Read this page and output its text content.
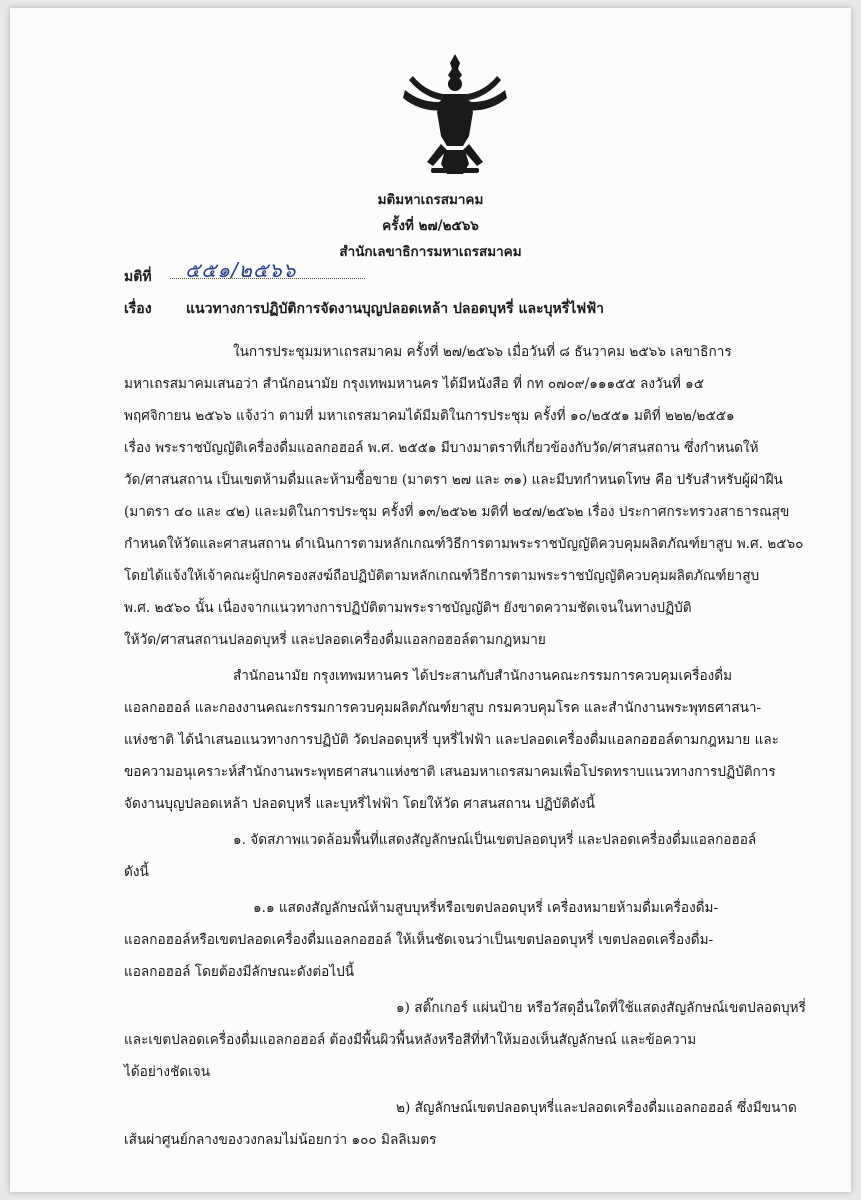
มติมหาเถรสมาคม
ครั้งที่ ๒๗/๒๕๖๖
สำนักเลขาธิการมหาเถรสมาคม
มติที่ ๕๕๑/๒๕๖๖
เรื่อง แนวทางการปฏิบัติการจัดงานบุญปลอดเหล้า ปลอดบุหรี่ และบุหรี่ไฟฟ้า
ในการประชุมมหาเถรสมาคม ครั้งที่ ๒๗/๒๕๖๖ เมื่อวันที่ ๘ ธันวาคม ๒๕๖๖ เลขาธิการ
มหาเถรสมาคมเสนอว่า สำนักอนามัย กรุงเทพมหานคร ได้มีหนังสือ ที่ กท ๐๗๐๙/๑๑๑๕๕ ลงวันที่ ๑๕
พฤศจิกายน ๒๕๖๖ แจ้งว่า ตามที่ มหาเถรสมาคมได้มีมติในการประชุม ครั้งที่ ๑๐/๒๕๕๑ มติที่ ๒๒๒/๒๕๕๑
เรื่อง พระราชบัญญัติเครื่องดื่มแอลกอฮอล์ พ.ศ. ๒๕๕๑ มีบางมาตราที่เกี่ยวข้องกับวัด/ศาสนสถาน ซึ่งกำหนดให้
วัด/ศาสนสถาน เป็นเขตห้ามดื่มและห้ามซื้อขาย (มาตรา ๒๗ และ ๓๑) และมีบทกำหนดโทษ คือ ปรับสำหรับผู้ฝ่าฝืน
(มาตรา ๔๐ และ ๔๒) และมติในการประชุม ครั้งที่ ๑๓/๒๕๖๒ มติที่ ๒๔๗/๒๕๖๒ เรื่อง ประกาศกระทรวงสาธารณสุข
กำหนดให้วัดและศาสนสถาน ดำเนินการตามหลักเกณฑ์วิธีการตามพระราชบัญญัติควบคุมผลิตภัณฑ์ยาสูบ พ.ศ. ๒๕๖๐
โดยได้แจ้งให้เจ้าคณะผู้ปกครองสงฆ์ถือปฏิบัติตามหลักเกณฑ์วิธีการตามพระราชบัญญัติควบคุมผลิตภัณฑ์ยาสูบ
พ.ศ. ๒๕๖๐ นั้น เนื่องจากแนวทางการปฏิบัติตามพระราชบัญญัติฯ ยังขาดความชัดเจนในทางปฏิบัติ
ให้วัด/ศาสนสถานปลอดบุหรี่ และปลอดเครื่องดื่มแอลกอฮอล์ตามกฎหมาย
สำนักอนามัย กรุงเทพมหานคร ได้ประสานกับสำนักงานคณะกรรมการควบคุมเครื่องดื่ม
แอลกอฮอล์ และกองงานคณะกรรมการควบคุมผลิตภัณฑ์ยาสูบ กรมควบคุมโรค และสำนักงานพระพุทธศาสนา-
แห่งชาติ ได้นำเสนอแนวทางการปฏิบัติ วัดปลอดบุหรี่ บุหรี่ไฟฟ้า และปลอดเครื่องดื่มแอลกอฮอล์ตามกฎหมาย และ
ขอความอนุเคราะห์สำนักงานพระพุทธศาสนาแห่งชาติ เสนอมหาเถรสมาคมเพื่อโปรดทราบแนวทางการปฏิบัติการ
จัดงานบุญปลอดเหล้า ปลอดบุหรี่ และบุหรี่ไฟฟ้า โดยให้วัด ศาสนสถาน ปฏิบัติดังนี้
๑. จัดสภาพแวดล้อมพื้นที่แสดงสัญลักษณ์เป็นเขตปลอดบุหรี่ และปลอดเครื่องดื่มแอลกอฮอล์
ดังนี้
๑.๑ แสดงสัญลักษณ์ห้ามสูบบุหรี่หรือเขตปลอดบุหรี่ เครื่องหมายห้ามดื่มเครื่องดื่ม-
แอลกอฮอล์หรือเขตปลอดเครื่องดื่มแอลกอฮอล์ ให้เห็นชัดเจนว่าเป็นเขตปลอดบุหรี่ เขตปลอดเครื่องดื่ม-
แอลกอฮอล์ โดยต้องมีลักษณะดังต่อไปนี้
๑) สติ๊กเกอร์ แผ่นป้าย หรือวัสดุอื่นใดที่ใช้แสดงสัญลักษณ์เขตปลอดบุหรี่
และเขตปลอดเครื่องดื่มแอลกอฮอล์ ต้องมีพื้นผิวพื้นหลังหรือสีที่ทำให้มองเห็นสัญลักษณ์ และข้อความ
ได้อย่างชัดเจน
๒) สัญลักษณ์เขตปลอดบุหรี่และปลอดเครื่องดื่มแอลกอฮอล์ ซึ่งมีขนาด
เส้นผ่าศูนย์กลางของวงกลมไม่น้อยกว่า ๑๐๐ มิลลิเมตร
